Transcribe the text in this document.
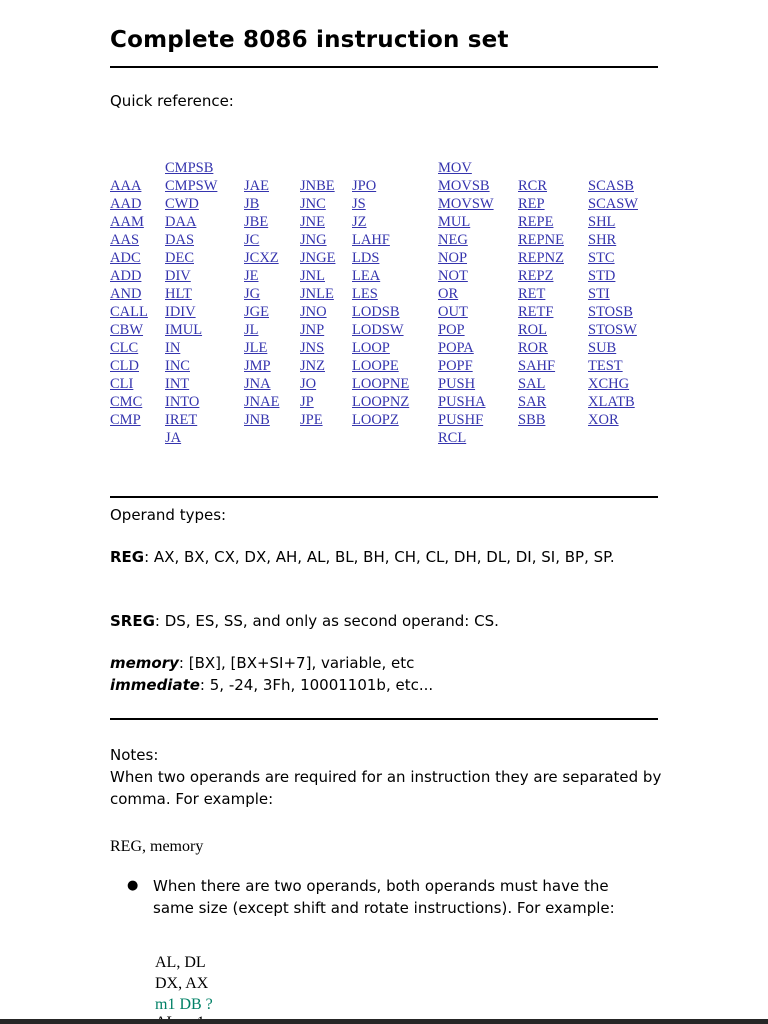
Complete 8086 instruction set
Quick reference:
	CMPSB				MOV		
AAA	CMPSW	JAE	JNBE	JPO	MOVSB	RCR	SCASB
AAD	CWD	JB	JNC	JS	MOVSW	REP	SCASW
AAM	DAA	JBE	JNE	JZ	MUL	REPE	SHL
AAS	DAS	JC	JNG	LAHF	NEG	REPNE	SHR
ADC	DEC	JCXZ	JNGE	LDS	NOP	REPNZ	STC
ADD	DIV	JE	JNL	LEA	NOT	REPZ	STD
AND	HLT	JG	JNLE	LES	OR	RET	STI
CALL	IDIV	JGE	JNO	LODSB	OUT	RETF	STOSB
CBW	IMUL	JL	JNP	LODSW	POP	ROL	STOSW
CLC	IN	JLE	JNS	LOOP	POPA	ROR	SUB
CLD	INC	JMP	JNZ	LOOPE	POPF	SAHF	TEST
CLI	INT	JNA	JO	LOOPNE	PUSH	SAL	XCHG
CMC	INTO	JNAE	JP	LOOPNZ	PUSHA	SAR	XLATB
CMP	IRET	JNB	JPE	LOOPZ	PUSHF	SBB	XOR
	JA				RCL		
Operand types:
REG: AX, BX, CX, DX, AH, AL, BL, BH, CH, CL, DH, DL, DI, SI, BP, SP.
SREG: DS, ES, SS, and only as second operand: CS.
memory: [BX], [BX+SI+7], variable, etc
immediate: 5, -24, 3Fh, 10001101b, etc...
Notes:
When two operands are required for an instruction they are separated by comma. For example:
REG, memory
● When there are two operands, both operands must have the same size (except shift and rotate instructions). For example:
AL, DL
DX, AX
m1 DB ?
